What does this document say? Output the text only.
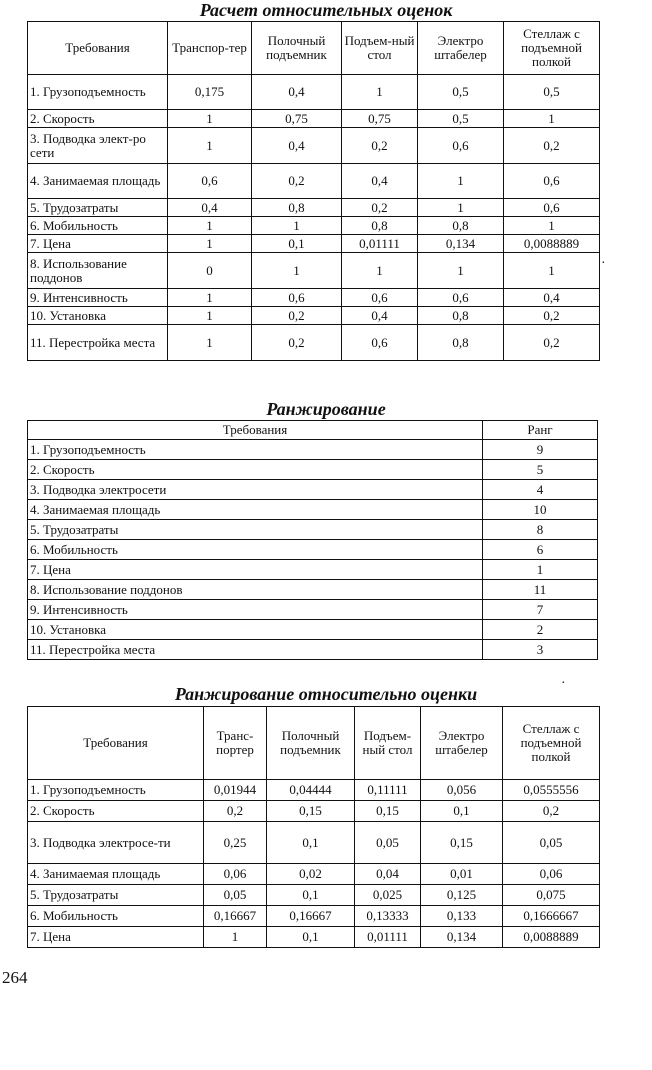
Расчет относительных оценок
Требования	Транспор-тер	Полочный подъемник	Подъем-ный стол	Электро штабелер	Стеллаж с подъемной полкой
1. Грузоподъемность	0,175	0,4	1	0,5	0,5
2. Скорость	1	0,75	0,75	0,5	1
3. Подводка элект-ро сети	1	0,4	0,2	0,6	0,2
4. Занимаемая площадь	0,6	0,2	0,4	1	0,6
5. Трудозатраты	0,4	0,8	0,2	1	0,6
6. Мобильность	1	1	0,8	0,8	1
7. Цена	1	0,1	0,01111	0,134	0,0088889
8. Использование поддонов	0	1	1	1	1
9. Интенсивность	1	0,6	0,6	0,6	0,4
10. Установка	1	0,2	0,4	0,8	0,2
11. Перестройка места	1	0,2	0,6	0,8	0,2
·
Ранжирование
Требования	Ранг
1. Грузоподъемность	9
2. Скорость	5
3. Подводка электросети	4
4. Занимаемая площадь	10
5. Трудозатраты	8
6. Мобильность	6
7. Цена	1
8. Использование поддонов	11
9. Интенсивность	7
10. Установка	2
11. Перестройка места	3
Ранжирование относительно оценки
·
Требования	Транс-портер	Полочный подъемник	Подъем-ный стол	Электро штабелер	Стеллаж с подъемной полкой
1. Грузоподъемность	0,01944	0,04444	0,11111	0,056	0,0555556
2. Скорость	0,2	0,15	0,15	0,1	0,2
3. Подводка электросе-ти	0,25	0,1	0,05	0,15	0,05
4. Занимаемая площадь	0,06	0,02	0,04	0,01	0,06
5. Трудозатраты	0,05	0,1	0,025	0,125	0,075
6. Мобильность	0,16667	0,16667	0,13333	0,133	0,1666667
7. Цена	1	0,1	0,01111	0,134	0,0088889
264
